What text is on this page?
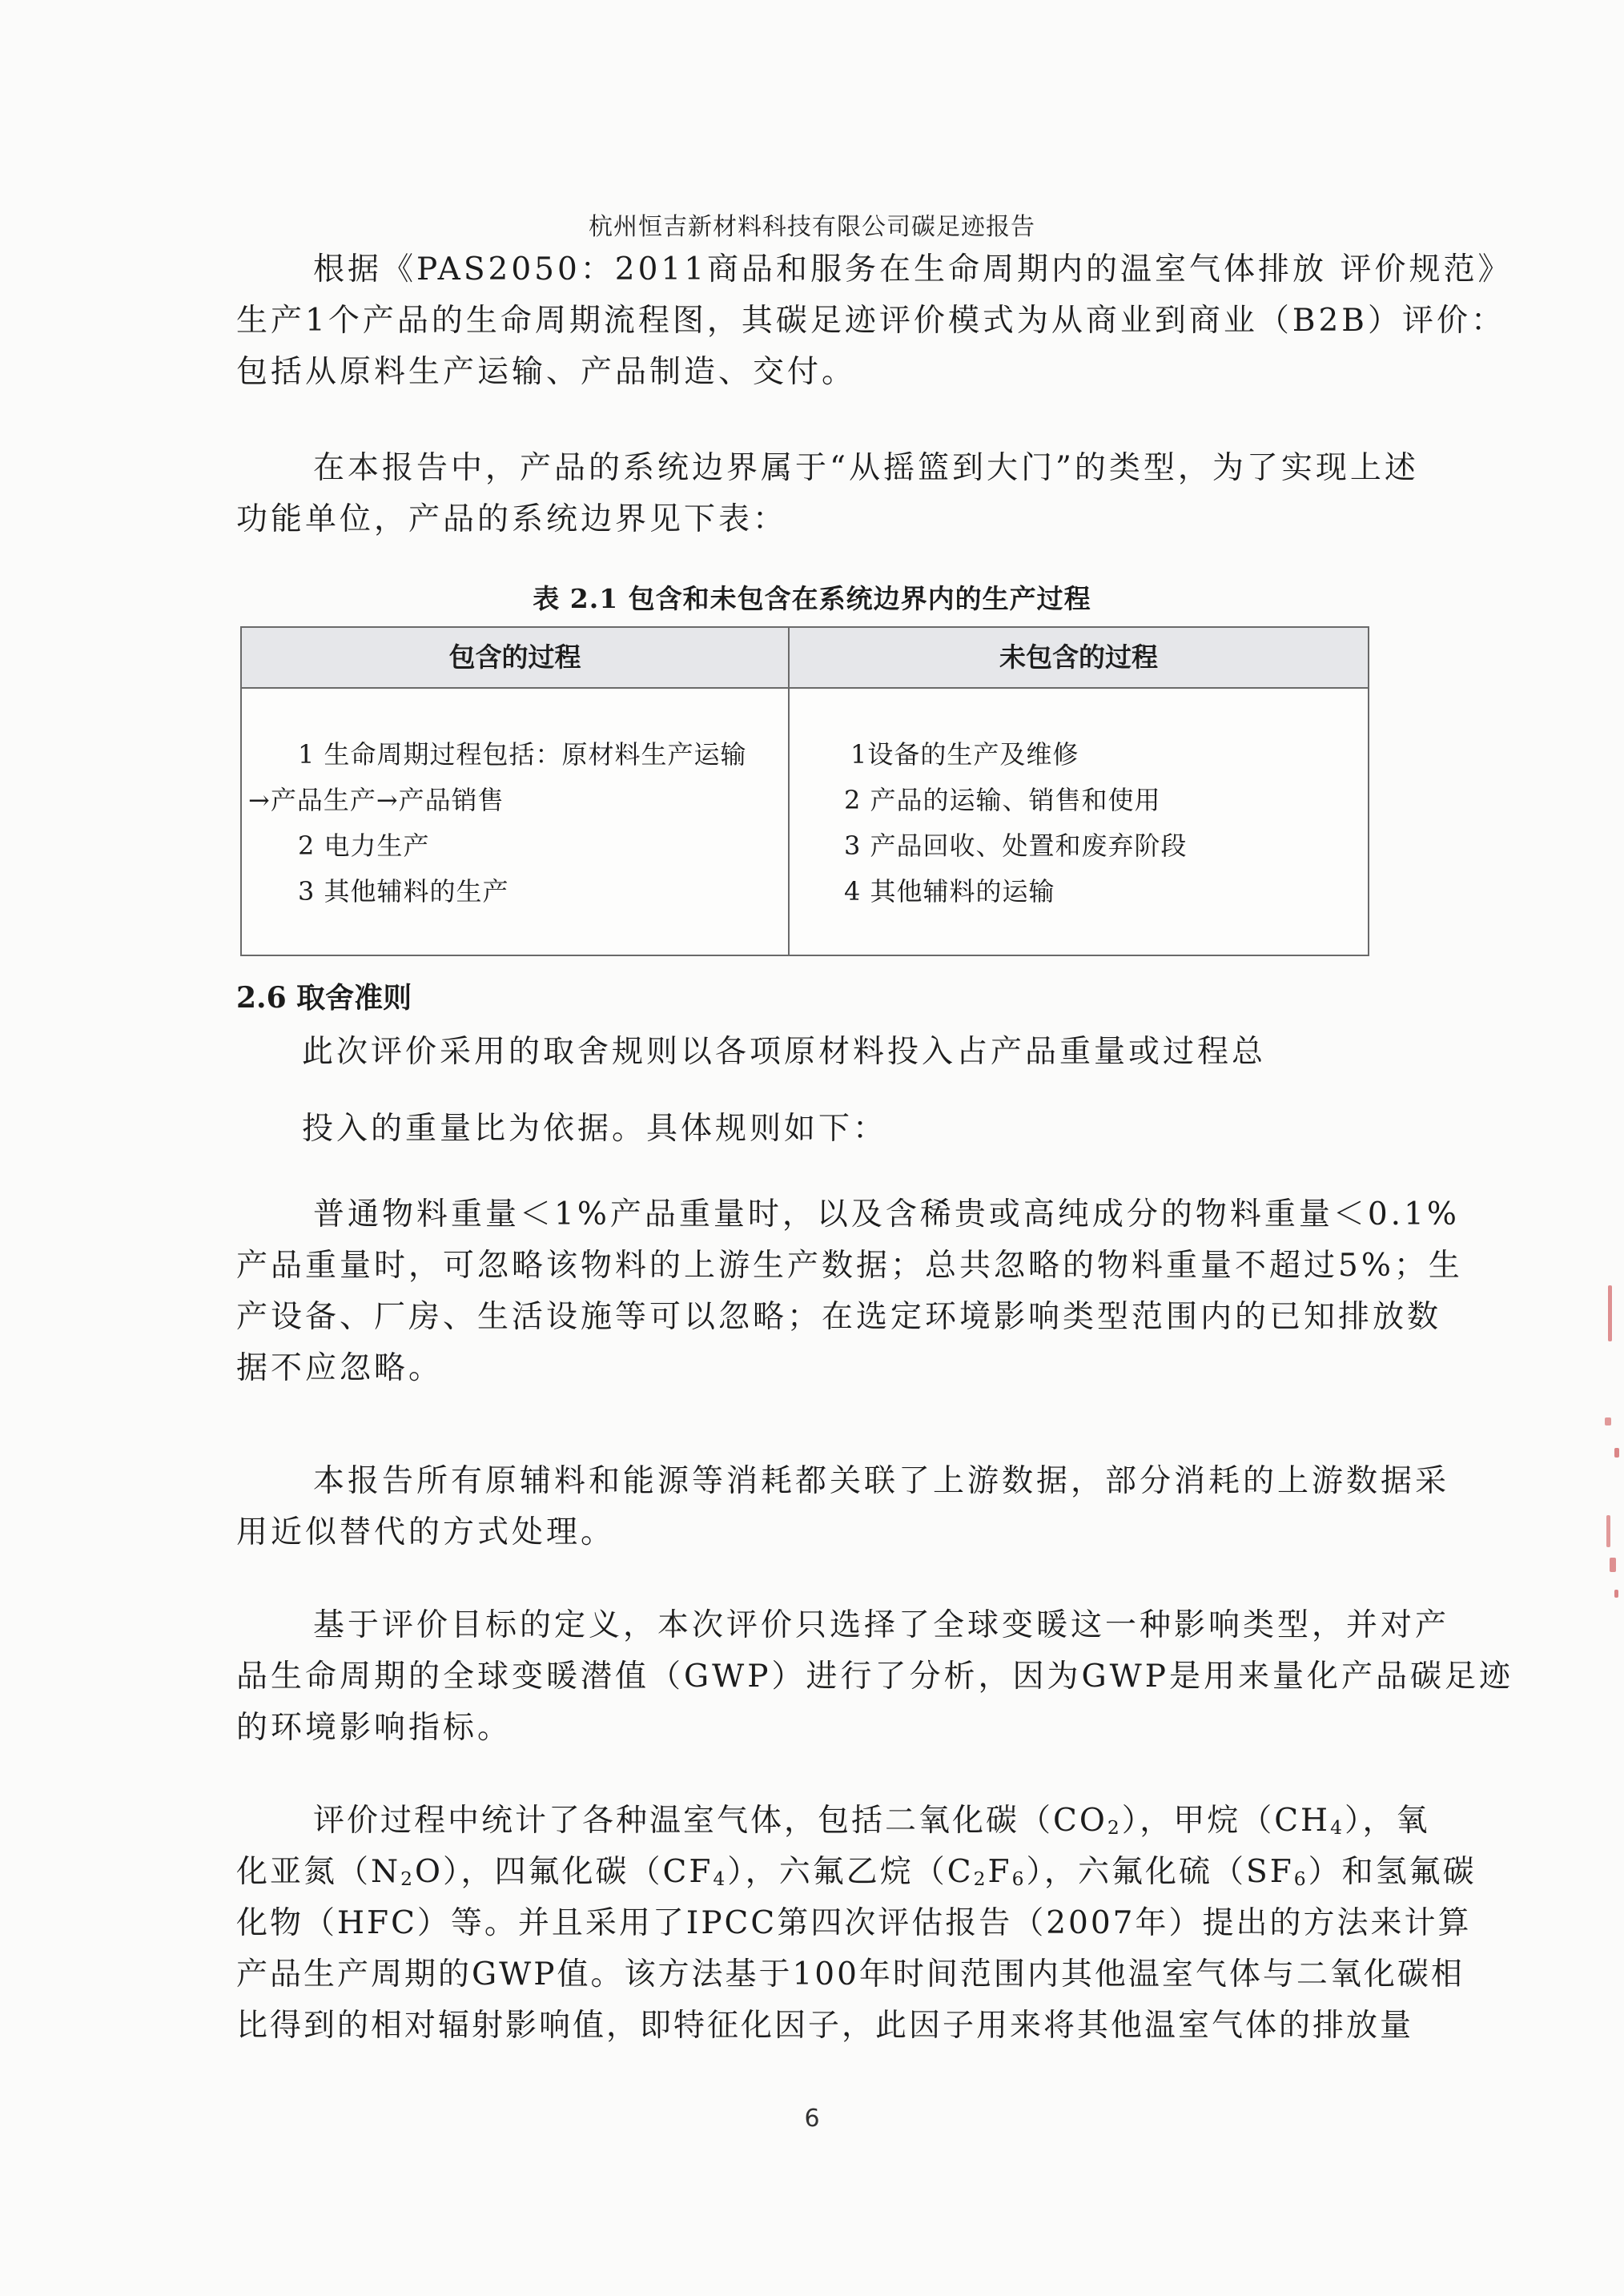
杭州恒吉新材料科技有限公司碳足迹报告
根据《PAS2050：2011商品和服务在生命周期内的温室气体排放 评价规范》
生产1个产品的生命周期流程图，其碳足迹评价模式为从商业到商业（B2B）评价：
包括从原料生产运输、产品制造、交付。
在本报告中，产品的系统边界属于“从摇篮到大门”的类型，为了实现上述
功能单位，产品的系统边界见下表：
表 2.1 包含和未包含在系统边界内的生产过程
包含的过程	未包含的过程
1 生命周期过程包括：原材料生产运输
→产品生产→产品销售
2 电力生产
3 其他辅料的生产
1设备的生产及维修
2 产品的运输、销售和使用
3 产品回收、处置和废弃阶段
4 其他辅料的运输
2.6 取舍准则
此次评价采用的取舍规则以各项原材料投入占产品重量或过程总
投入的重量比为依据。具体规则如下：
普通物料重量＜1%产品重量时，以及含稀贵或高纯成分的物料重量＜0.1%
产品重量时，可忽略该物料的上游生产数据；总共忽略的物料重量不超过5%；生
产设备、厂房、生活设施等可以忽略；在选定环境影响类型范围内的已知排放数
据不应忽略。
本报告所有原辅料和能源等消耗都关联了上游数据，部分消耗的上游数据采
用近似替代的方式处理。
基于评价目标的定义，本次评价只选择了全球变暖这一种影响类型，并对产
品生命周期的全球变暖潜值（GWP）进行了分析，因为GWP是用来量化产品碳足迹
的环境影响指标。
评价过程中统计了各种温室气体，包括二氧化碳$(CO_2)$，甲烷$(CH_4)$，氧
化亚氮$(N_2O)$，四氟化碳$(CF_4)$，六氟乙烷$(C_2F_6)$，六氟化硫$(SF_6)$和氢氟碳
化物（HFC）等。并且采用了IPCC第四次评估报告（2007年）提出的方法来计算
产品生产周期的GWP值。该方法基于100年时间范围内其他温室气体与二氧化碳相
比得到的相对辐射影响值，即特征化因子，此因子用来将其他温室气体的排放量
6
